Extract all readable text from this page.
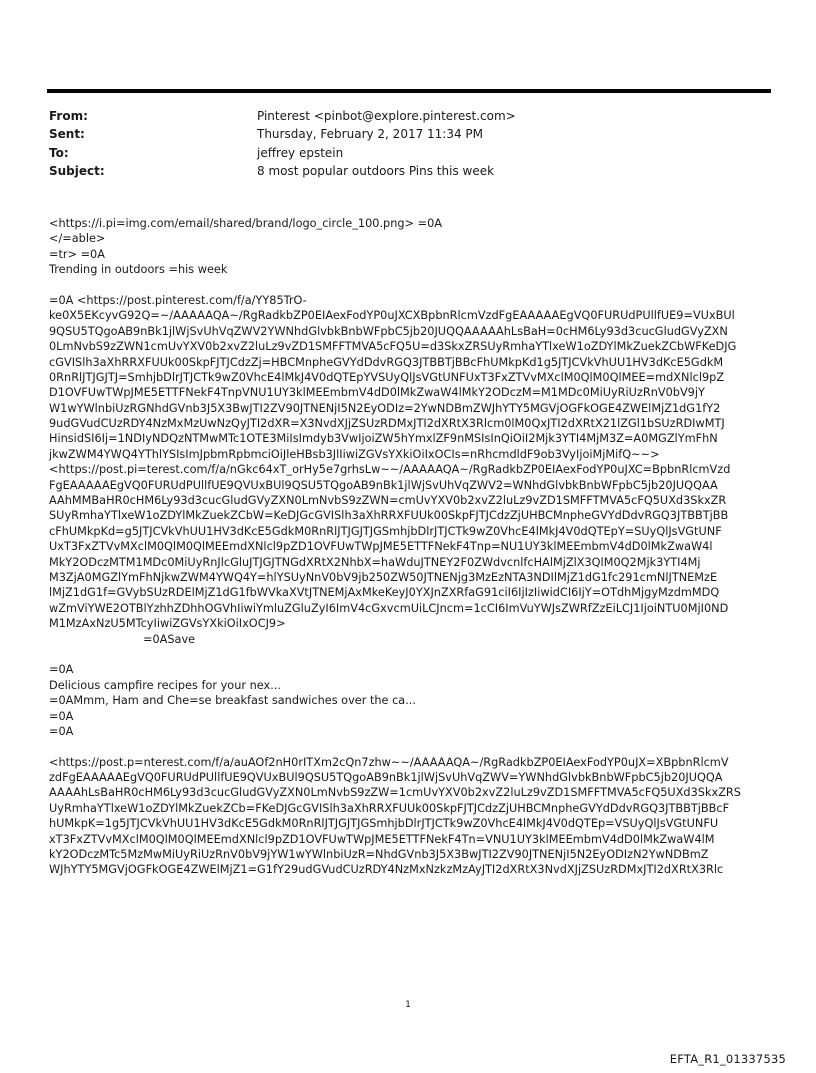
From:	Pinterest <pinbot@explore.pinterest.com>
Sent:	Thursday, February 2, 2017 11:34 PM
To:	jeffrey epstein
Subject:	8 most popular outdoors Pins this week
<https://i.pi=img.com/email/shared/brand/logo_circle_100.png> =0A
</=able>
=tr> =0A
Trending in outdoors =his week
=0A <https://post.pinterest.com/f/a/YY85TrO-
ke0X5EKcyvG92Q=~/AAAAAQA~/RgRadkbZP0EIAexFodYP0uJXCXBpbnRlcmVzdFgEAAAAAEgVQ0FURUdPUllfUE9=VUxBUl
9QSU5TQgoAB9nBk1jlWjSvUhVqZWV2YWNhdGlvbkBnbWFpbC5jb20JUQQAAAAAhLsBaH=0cHM6Ly93d3cucGludGVyZXN
0LmNvbS9zZWN1cmUvYXV0b2xvZ2luLz9vZD1SMFFTMVA5cFQ5U=d3SkxZRSUyRmhaYTlxeW1oZDYlMkZuekZCbWFKeDJG
cGVISlh3aXhRRXFUUk00SkpFJTJCdzZj=HBCMnpheGVYdDdvRGQ3JTBBTjBBcFhUMkpKd1g5JTJCVkVhUU1HV3dKcE5GdkM
0RnRlJTJGJTJ=SmhjbDlrJTJCTk9wZ0VhcE4lMkJ4V0dQTEpYVSUyQlJsVGtUNFUxT3FxZTVvMXclM0QlM0QlMEE=mdXNlcl9pZ
D1OVFUwTWpJME5ETTFNekF4TnpVNU1UY3klMEEmbmV4dD0lMkZwaW4lMkY2ODczM=M1MDc0MiUyRiUzRnV0bV9jY
W1wYWlnbiUzRGNhdGVnb3J5X3BwJTI2ZV90JTNENjI5N2EyODIz=2YwNDBmZWJhYTY5MGVjOGFkOGE4ZWElMjZ1dG1fY2
9udGVudCUzRDY4NzMxMzUwNzQyJTI2dXR=X3NvdXJjZSUzRDMxJTI2dXRtX3Rlcm0lM0QxJTI2dXRtX21lZGl1bSUzRDIwMTJ
HinsidSI6Ij=1NDIyNDQzNTMwMTc1OTE3MiIsImdyb3VwIjoiZW5hYmxlZF9nMSIsInQiOiI2Mjk3YTI4MjM3Z=A0MGZlYmFhN
jkwZWM4YWQ4YThlYSIsImJpbmRpbmciOiJleHBsb3JlIiwiZGVsYXkiOiIxOCIs=nRhcmdldF9ob3VyIjoiMjMifQ~~>
<https://post.pi=terest.com/f/a/nGkc64xT_orHy5e7grhsLw~~/AAAAAQA~/RgRadkbZP0EIAexFodYP0uJXC=BpbnRlcmVzd
FgEAAAAAEgVQ0FURUdPUllfUE9QVUxBUl9QSU5TQgoAB9nBk1jlWjSvUhVqZWV2=WNhdGlvbkBnbWFpbC5jb20JUQQAA
AAhMMBaHR0cHM6Ly93d3cucGludGVyZXN0LmNvbS9zZWN=cmUvYXV0b2xvZ2luLz9vZD1SMFFTMVA5cFQ5UXd3SkxZR
SUyRmhaYTlxeW1oZDYlMkZuekZCbW=KeDJGcGVISlh3aXhRRXFUUk00SkpFJTJCdzZjUHBCMnpheGVYdDdvRGQ3JTBBTjBB
cFhUMkpKd=g5JTJCVkVhUU1HV3dKcE5GdkM0RnRlJTJGJTJGSmhjbDlrJTJCTk9wZ0VhcE4lMkJ4V0dQTEpY=SUyQlJsVGtUNF
UxT3FxZTVvMXclM0QlM0QlMEEmdXNlcl9pZD1OVFUwTWpJME5ETTFNekF4Tnp=NU1UY3klMEEmbmV4dD0lMkZwaW4l
MkY2ODczMTM1MDc0MiUyRnJlcGluJTJGJTNGdXRtX2NhbX=haWduJTNEY2F0ZWdvcnlfcHAlMjZlX3QlM0Q2Mjk3YTI4Mj
M3ZjA0MGZlYmFhNjkwZWM4YWQ4Y=hlYSUyNnV0bV9jb250ZW50JTNENjg3MzEzNTA3NDIlMjZ1dG1fc291cmNlJTNEMzE
lMjZ1dG1f=GVybSUzRDElMjZ1dG1fbWVkaXVtJTNEMjAxMkeKeyJ0YXJnZXRfaG91ciI6IjIzIiwidCI6IjY=OTdhMjgyMzdmMDQ
wZmViYWE2OTBlYzhhZDhhOGVhIiwiYmluZGluZyI6ImV4cGxvcmUiLCJncm=1cCI6ImVuYWJsZWRfZzEiLCJ1IjoiNTU0MjI0ND
M1MzAxNzU5MTcyIiwiZGVsYXkiOiIxOCJ9>
=0ASave
=0A
Delicious campfire recipes for your nex...
=0AMmm, Ham and Che=se breakfast sandwiches over the ca...
=0A
=0A
<https://post.p=nterest.com/f/a/auAOf2nH0rITXm2cQn7zhw~~/AAAAAQA~/RgRadkbZP0EIAexFodYP0uJX=XBpbnRlcmV
zdFgEAAAAAEgVQ0FURUdPUllfUE9QVUxBUl9QSU5TQgoAB9nBk1jlWjSvUhVqZWV=YWNhdGlvbkBnbWFpbC5jb20JUQQA
AAAAhLsBaHR0cHM6Ly93d3cucGludGVyZXN0LmNvbS9zZW=1cmUvYXV0b2xvZ2luLz9vZD1SMFFTMVA5cFQ5UXd3SkxZRS
UyRmhaYTlxeW1oZDYlMkZuekZCb=FKeDJGcGVISlh3aXhRRXFUUk00SkpFJTJCdzZjUHBCMnpheGVYdDdvRGQ3JTBBTjBBcF
hUMkpK=1g5JTJCVkVhUU1HV3dKcE5GdkM0RnRlJTJGJTJGSmhjbDlrJTJCTk9wZ0VhcE4lMkJ4V0dQTEp=VSUyQlJsVGtUNFU
xT3FxZTVvMXclM0QlM0QlMEEmdXNlcl9pZD1OVFUwTWpJME5ETTFNekF4Tn=VNU1UY3klMEEmbmV4dD0lMkZwaW4lM
kY2ODczMTc5MzMwMiUyRiUzRnV0bV9jYW1wYWlnbiUzR=NhdGVnb3J5X3BwJTI2ZV90JTNENjI5N2EyODIzN2YwNDBmZ
WJhYTY5MGVjOGFkOGE4ZWElMjZ1=G1fY29udGVudCUzRDY4NzMxNzkzMzAyJTI2dXRtX3NvdXJjZSUzRDMxJTI2dXRtX3Rlc
1
EFTA_R1_01337535
